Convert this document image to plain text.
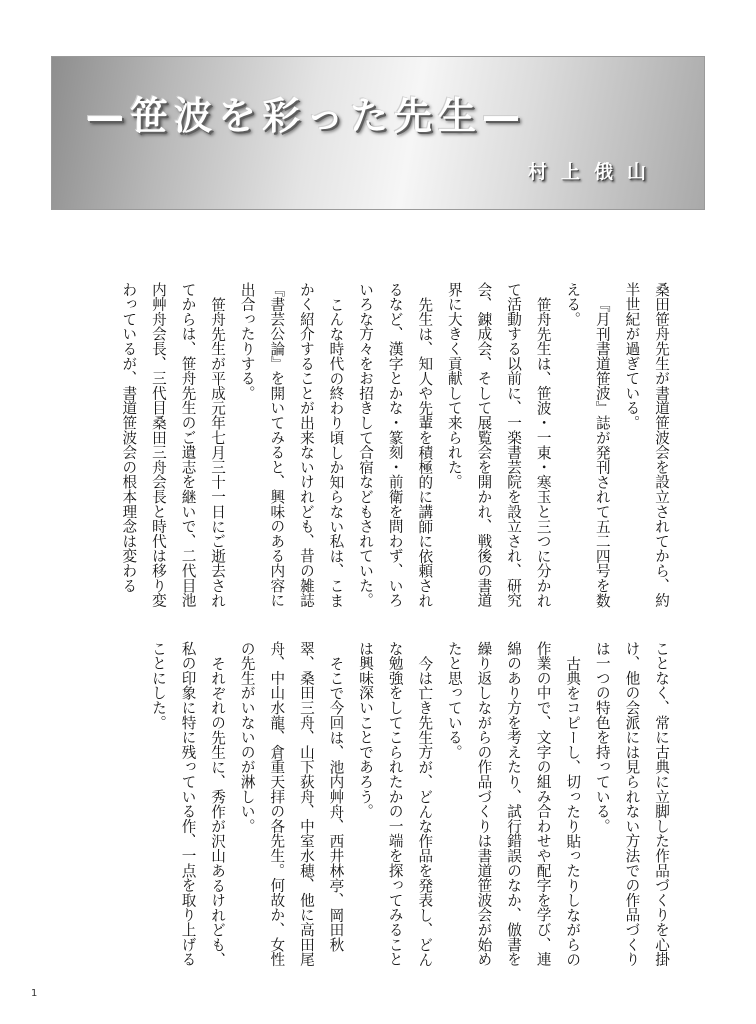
—笹波を彩った先生—
村上俄山

桑田笹舟先生が書道笹波会を設立されてから、約半世紀が過ぎている。

『月刊書道笹波』誌が発刊されて五二四号を数える。

笹舟先生は、笹波・一東・寒玉と三つに分かれて活動する以前に、一楽書芸院を設立され、研究会、錬成会、そして展覧会を開かれ、戦後の書道界に大きく貢献して来られた。

先生は、知人や先輩を積極的に講師に依頼されるなど、漢字とかな・篆刻・前衛を問わず、いろいろな方々をお招きして合宿などもされていた。

こんな時代の終わり頃しか知らない私は、こまかく紹介することが出来ないけれども、昔の雑誌『書芸公論』を開いてみると、興味のある内容に出合ったりする。

笹舟先生が平成元年七月三十一日にご逝去されてからは、笹舟先生のご遺志を継いで、二代目池内艸舟会長、三代目桑田三舟会長と時代は移り変わっているが、書道笹波会の根本理念は変わる

ことなく、常に古典に立脚した作品づくりを心掛け、他の会派には見られない方法での作品づくりは一つの特色を持っている。

古典をコピーし、切ったり貼ったりしながらの作業の中で、文字の組み合わせや配字を学び、連綿のあり方を考えたり、試行錯誤のなか、倣書を繰り返しながらの作品づくりは書道笹波会が始めたと思っている。

今は亡き先生方が、どんな作品を発表し、どんな勉強をしてこられたかの一端を探ってみることは興味深いことであろう。

そこで今回は、池内艸舟、西井林亭、岡田秋翠、桑田三舟、山下荻舟、中室水穂、他に高田尾舟、中山水龍、倉重天拝の各先生。何故か、女性の先生がいないのが淋しい。

それぞれの先生に、秀作が沢山あるけれども、私の印象に特に残っている作、一点を取り上げることにした。

1
